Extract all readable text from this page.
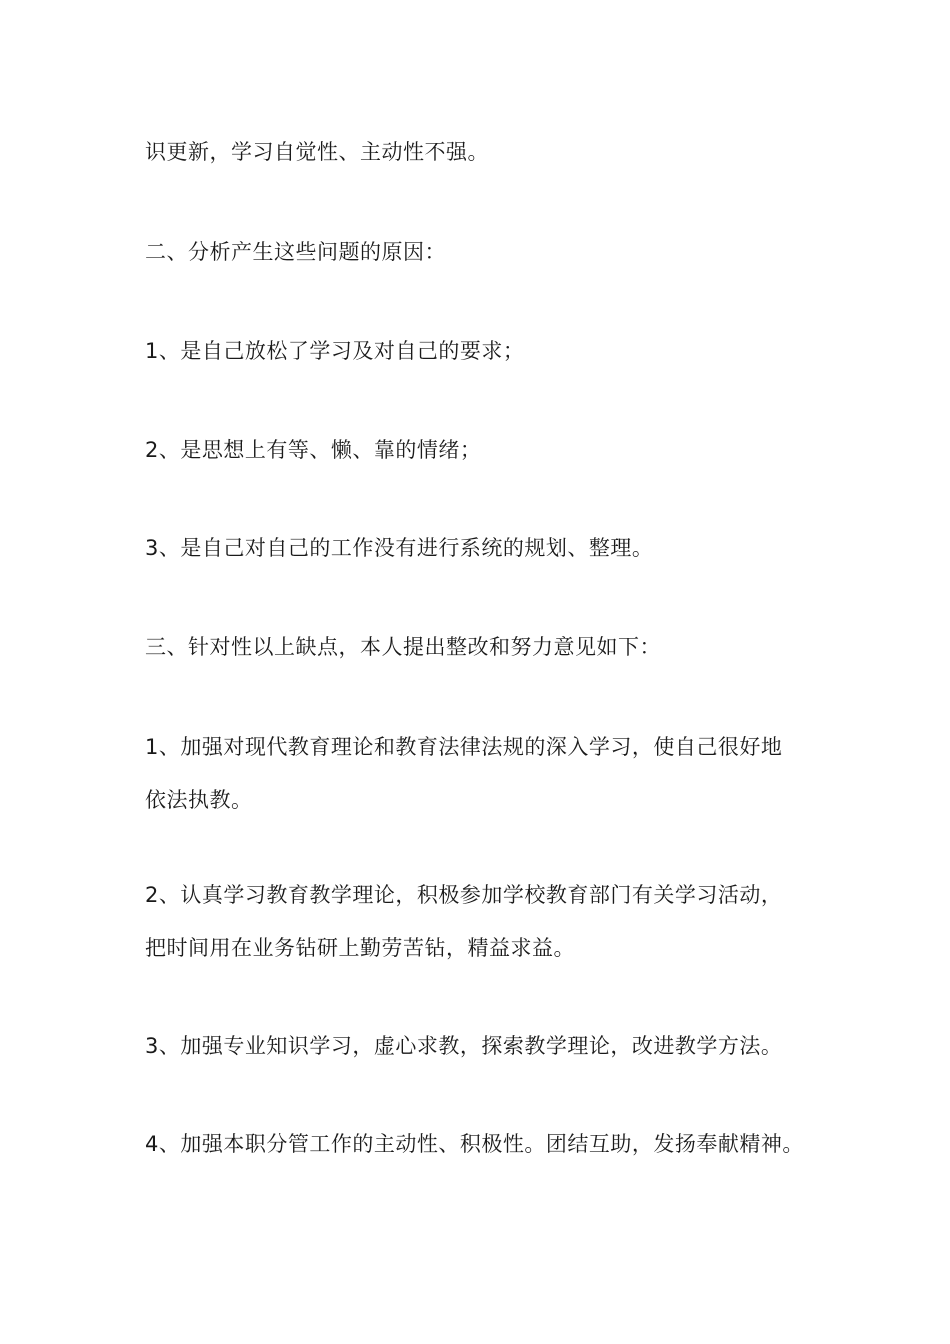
识更新，学习自觉性、主动性不强。
二、分析产生这些问题的原因：
1、是自己放松了学习及对自己的要求；
2、是思想上有等、懒、靠的情绪；
3、是自己对自己的工作没有进行系统的规划、整理。
三、针对性以上缺点，本人提出整改和努力意见如下：
1、加强对现代教育理论和教育法律法规的深入学习，使自己很好地
依法执教。
2、认真学习教育教学理论，积极参加学校教育部门有关学习活动，
把时间用在业务钻研上勤劳苦钻，精益求益。
3、加强专业知识学习，虚心求教，探索教学理论，改进教学方法。
4、加强本职分管工作的主动性、积极性。团结互助，发扬奉献精神。
